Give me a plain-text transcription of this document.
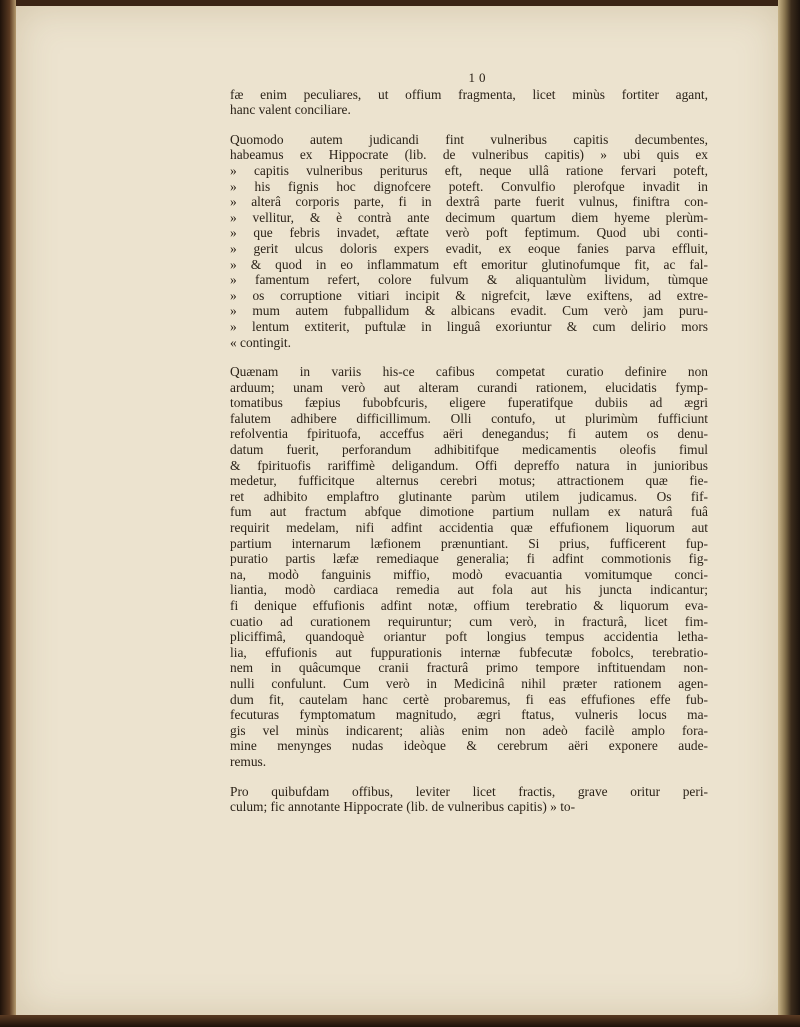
10
fæ enim peculiares, ut offium fragmenta, licet minùs fortiter agant,
hanc valent conciliare.
Quomodo autem judicandi fint vulneribus capitis decumbentes,
habeamus ex Hippocrate (lib. de vulneribus capitis) » ubi quis ex
» capitis vulneribus periturus eft, neque ullâ ratione fervari poteft,
» his fignis hoc dignofcere poteft. Convulfio plerofque invadit in
» alterâ corporis parte, fi in dextrâ parte fuerit vulnus, finiftra con-
» vellitur, & è contrà ante decimum quartum diem hyeme plerùm-
» que febris invadet, æftate verò poft feptimum. Quod ubi conti-
» gerit ulcus doloris expers evadit, ex eoque fanies parva effluit,
» & quod in eo inflammatum eft emoritur glutinofumque fit, ac fal-
» famentum refert, colore fulvum & aliquantulùm lividum, tùmque
» os corruptione vitiari incipit & nigrefcit, læve exiftens, ad extre-
» mum autem fubpallidum & albicans evadit. Cum verò jam puru-
» lentum extiterit, puftulæ in linguâ exoriuntur & cum delirio mors
« contingit.
Quænam in variis his-ce cafibus competat curatio definire non
arduum; unam verò aut alteram curandi rationem, elucidatis fymp-
tomatibus fæpius fubobfcuris, eligere fuperatifque dubiis ad ægri
falutem adhibere difficillimum. Olli contufo, ut plurimùm fufficiunt
refolventia fpirituofa, acceffus aëri denegandus; fi autem os denu-
datum fuerit, perforandum adhibitifque medicamentis oleofis fimul
& fpirituofis rariffimè deligandum. Offi depreffo natura in junioribus
medetur, fufficitque alternus cerebri motus; attractionem quæ fie-
ret adhibito emplaftro glutinante parùm utilem judicamus. Os fif-
fum aut fractum abfque dimotione partium nullam ex naturâ fuâ
requirit medelam, nifi adfint accidentia quæ effufionem liquorum aut
partium internarum læfionem prænuntiant. Si prius, fufficerent fup-
puratio partis læfæ remediaque generalia; fi adfint commotionis fig-
na, modò fanguinis miffio, modò evacuantia vomitumque conci-
liantia, modò cardiaca remedia aut fola aut his juncta indicantur;
fi denique effufionis adfint notæ, offium terebratio & liquorum eva-
cuatio ad curationem requiruntur; cum verò, in fracturâ, licet fim-
pliciffimâ, quandoquè oriantur poft longius tempus accidentia letha-
lia, effufionis aut fuppurationis internæ fubfecutæ fobolcs, terebratio-
nem in quâcumque cranii fracturâ primo tempore inftituendam non-
nulli confulunt. Cum verò in Medicinâ nihil præter rationem agen-
dum fit, cautelam hanc certè probaremus, fi eas effufiones effe fub-
fecuturas fymptomatum magnitudo, ægri ftatus, vulneris locus ma-
gis vel minùs indicarent; aliàs enim non adeò facilè amplo fora-
mine menynges nudas ideòque & cerebrum aëri exponere aude-
remus.
Pro quibufdam offibus, leviter licet fractis, grave oritur peri-
culum; fic annotante Hippocrate (lib. de vulneribus capitis) » to-
